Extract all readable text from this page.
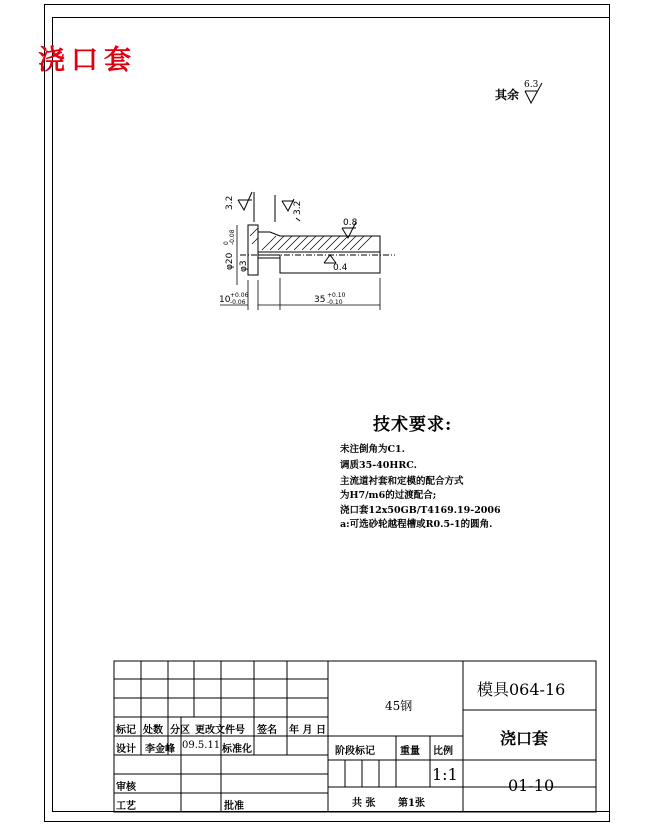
浇口套
其余
6.3
3.2	3.2
0.8
0.4
φ20
0 -0.08
φ3
10 +0.06
-0.06	35 +0.10
-0.10
技术要求:
未注倒角为C1.
调质35-40HRC.
主流道衬套和定模的配合方式
为H7/m6的过渡配合;
浇口套12x50GB/T4169.19-2006
a:可选砂轮越程槽或R0.5-1的圆角.
标记 处数 分区 更改文件号 签名 年 月 日
设计 李金峰 09.5.11 标准化
审核
工艺	批准
45钢
阶段标记	重量 比例
1:1
共 张 第1张
模具064-16
浇口套
01-10
